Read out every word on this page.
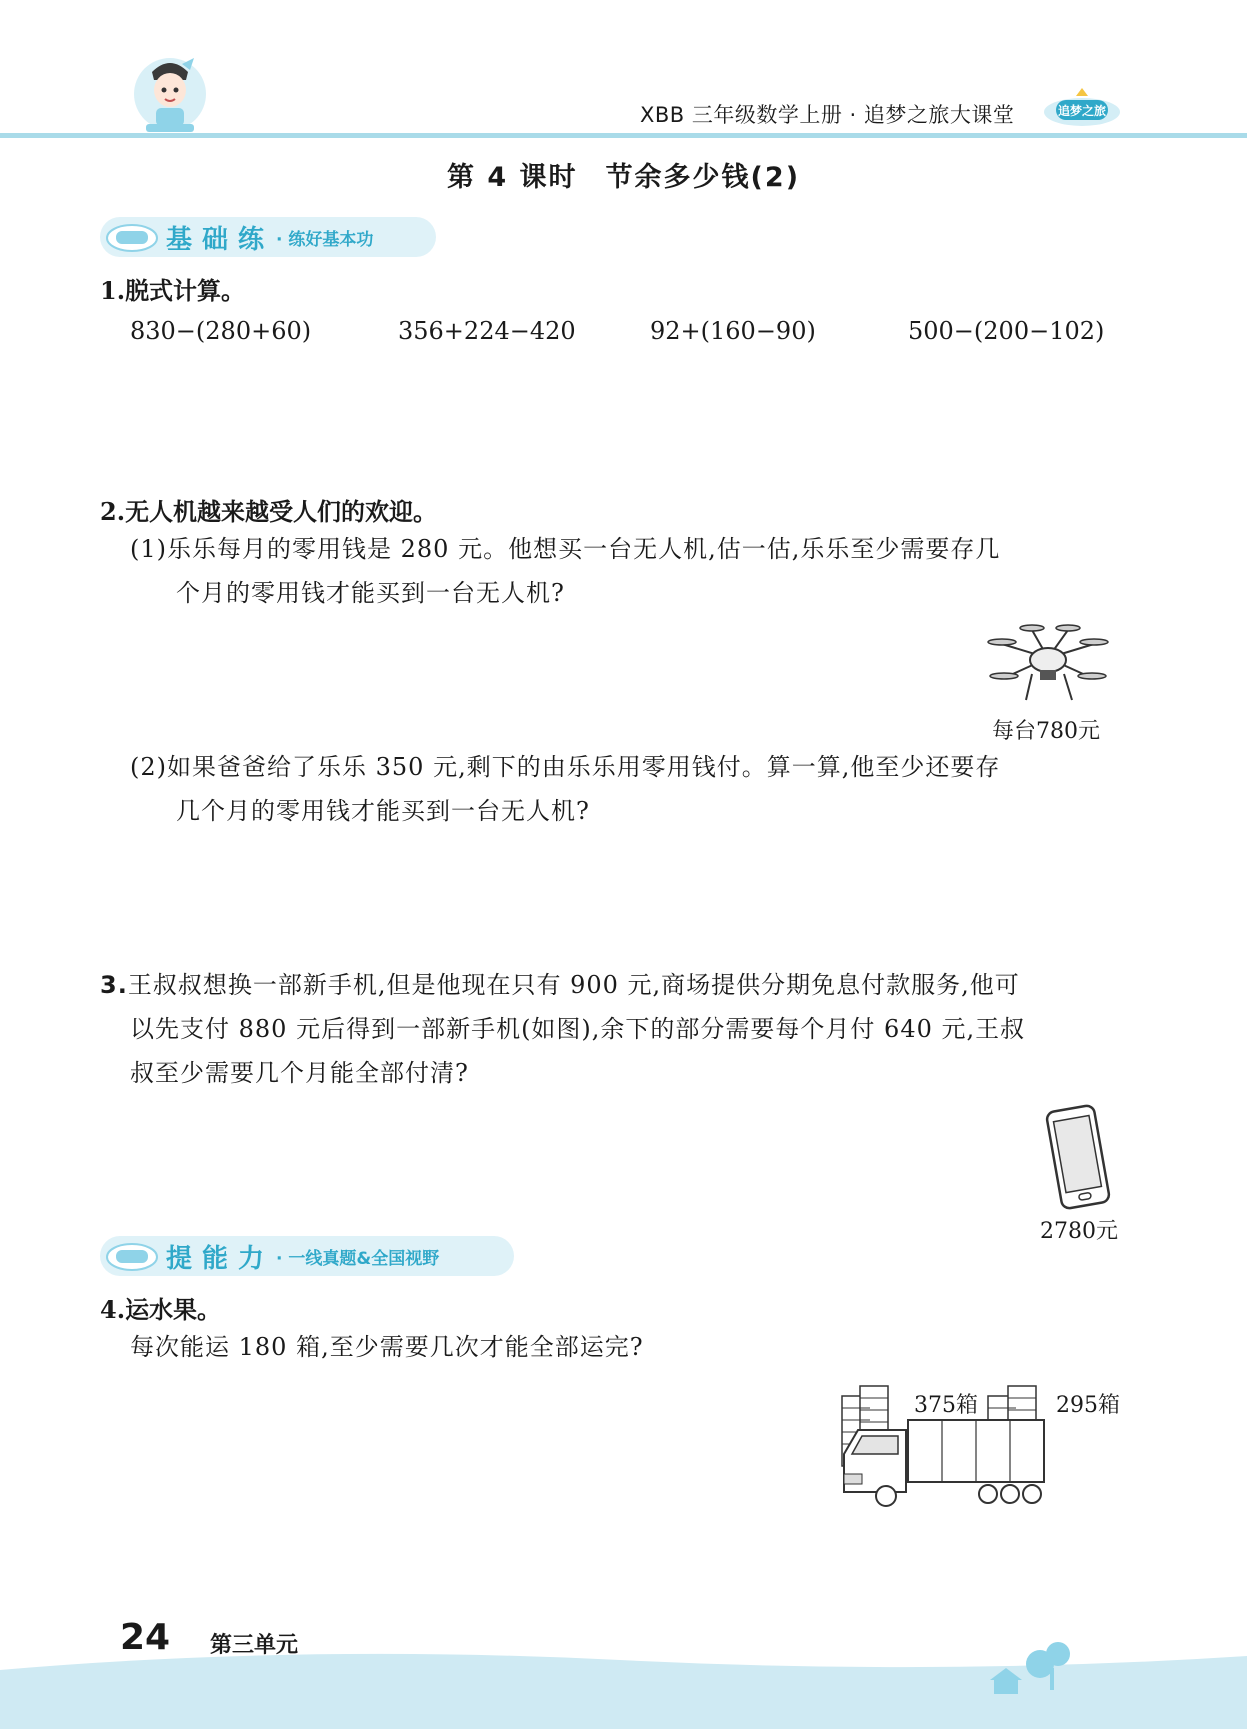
XBB 三年级数学上册 · 追梦之旅大课堂	追梦之旅
第 4 课时 节余多少钱(2)
基础练 · 练好基本功
1.脱式计算。
830−(280+60)	356+224−420	92+(160−90)	500−(200−102)
2.无人机越来越受人们的欢迎。
(1)乐乐每月的零用钱是 280 元。他想买一台无人机,估一估,乐乐至少需要存几
个月的零用钱才能买到一台无人机?
每台780元
(2)如果爸爸给了乐乐 350 元,剩下的由乐乐用零用钱付。算一算,他至少还要存
几个月的零用钱才能买到一台无人机?
3.王叔叔想换一部新手机,但是他现在只有 900 元,商场提供分期免息付款服务,他可
以先支付 880 元后得到一部新手机(如图),余下的部分需要每个月付 640 元,王叔
叔至少需要几个月能全部付清?
2780元
提能力 · 一线真题&全国视野
4.运水果。
每次能运 180 箱,至少需要几次才能全部运完?
375箱	295箱
24 第三单元
